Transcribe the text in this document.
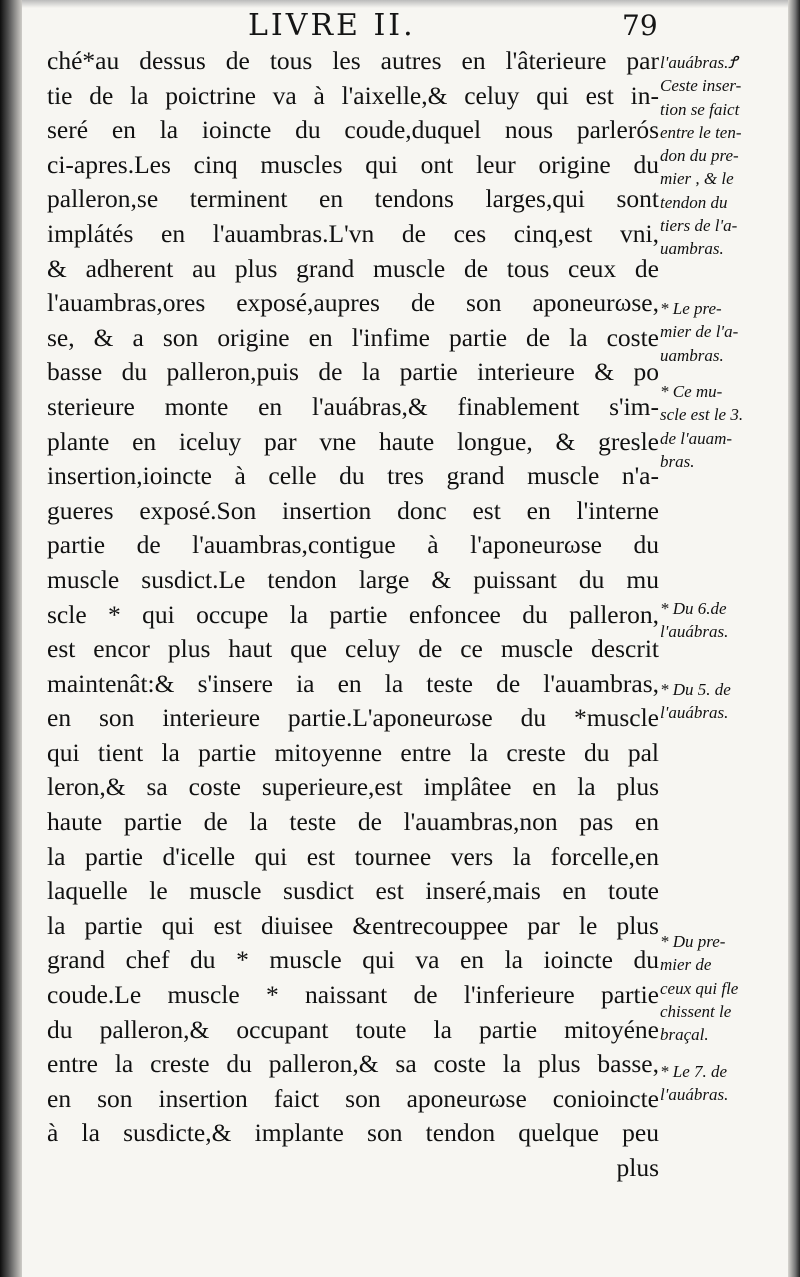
LIVRE II.	79
ché*au dessus de tous les autres en l'âterieure par
tie de la poictrine va à l'aixelle,& celuy qui est in-
seré en la ioincte du coude,duquel nous parlerós
ci-apres.Les cinq muscles qui ont leur origine du
palleron,se terminent en tendons larges,qui sont
implátés en l'auambras.L'vn de ces cinq,est vni,
& adherent au plus grand muscle de tous ceux de
l'auambras,ores exposé,aupres de son aponeurωse,
se, & a son origine en l'infime partie de la coste
basse du palleron,puis de la partie interieure & po
sterieure monte en l'auábras,& finablement s'im-
plante en iceluy par vne haute longue, & gresle
insertion,ioincte à celle du tres grand muscle n'a-
gueres exposé.Son insertion donc est en l'interne
partie de l'auambras,contigue à l'aponeurωse du
muscle susdict.Le tendon large & puissant du mu
scle * qui occupe la partie enfoncee du palleron,
est encor plus haut que celuy de ce muscle descrit
maintenât:& s'insere ia en la teste de l'auambras,
en son interieure partie.L'aponeurωse du *muscle
qui tient la partie mitoyenne entre la creste du pal
leron,& sa coste superieure,est implâtee en la plus
haute partie de la teste de l'auambras,non pas en
la partie d'icelle qui est tournee vers la forcelle,en
laquelle le muscle susdict est inseré,mais en toute
la partie qui est diuisee &entrecouppee par le plus
grand chef du * muscle qui va en la ioincte du
coude.Le muscle * naissant de l'inferieure partie
du palleron,& occupant toute la partie mitoyéne
entre la creste du palleron,& sa coste la plus basse,
en son insertion faict son aponeurωse conioincte
à la susdicte,& implante son tendon quelque peu
plus
l'auábras.Ꝭ
Ceste inser-
tion se faict
entre le ten-
don du pre-
mier , & le
tendon du
tiers de l'a-
uambras.
* Le pre-
mier de l'a-
uambras.
* Ce mu-
scle est le 3.
de l'auam-
bras.
* Du 6.de
l'auábras.
* Du 5. de
l'auábras.
* Du pre-
mier de
ceux qui fle
chissent le
braçal.
* Le 7. de
l'auábras.
